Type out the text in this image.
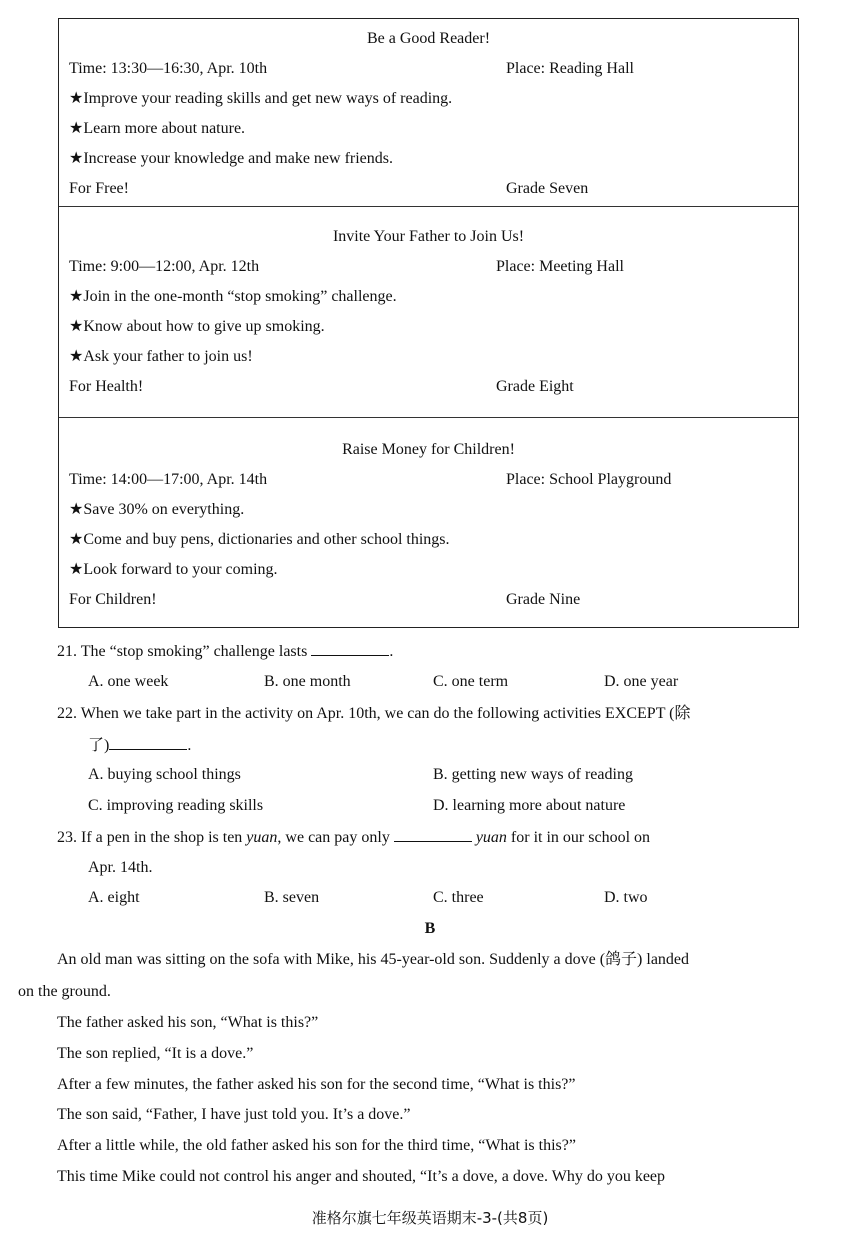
Be a Good Reader!
Time: 13:30—16:30, Apr. 10th	Place: Reading Hall
★Improve your reading skills and get new ways of reading.
★Learn more about nature.
★Increase your knowledge and make new friends.
For Free!	Grade Seven
Invite Your Father to Join Us!
Time: 9:00—12:00, Apr. 12th	Place: Meeting Hall
★Join in the one-month “stop smoking” challenge.
★Know about how to give up smoking.
★Ask your father to join us!
For Health!	Grade Eight
Raise Money for Children!
Time: 14:00—17:00, Apr. 14th	Place: School Playground
★Save 30% on everything.
★Come and buy pens, dictionaries and other school things.
★Look forward to your coming.
For Children!	Grade Nine
21. The “stop smoking” challenge lasts	.
A. one week	B. one month	C. one term	D. one year
22. When we take part in the activity on Apr. 10th, we can do the following activities EXCEPT (除
了)	.
A. buying school things	B. getting new ways of reading
C. improving reading skills	D. learning more about nature
23. If a pen in the shop is ten yuan, we can pay only	yuan for it in our school on
Apr. 14th.
A. eight	B. seven	C. three	D. two
B
An old man was sitting on the sofa with Mike, his 45-year-old son. Suddenly a dove (鸽子) landed
on the ground.
The father asked his son, “What is this?”
The son replied, “It is a dove.”
After a few minutes, the father asked his son for the second time, “What is this?”
The son said, “Father, I have just told you. It’s a dove.”
After a little while, the old father asked his son for the third time, “What is this?”
This time Mike could not control his anger and shouted, “It’s a dove, a dove. Why do you keep
准格尔旗七年级英语期末-3-(共8页)
